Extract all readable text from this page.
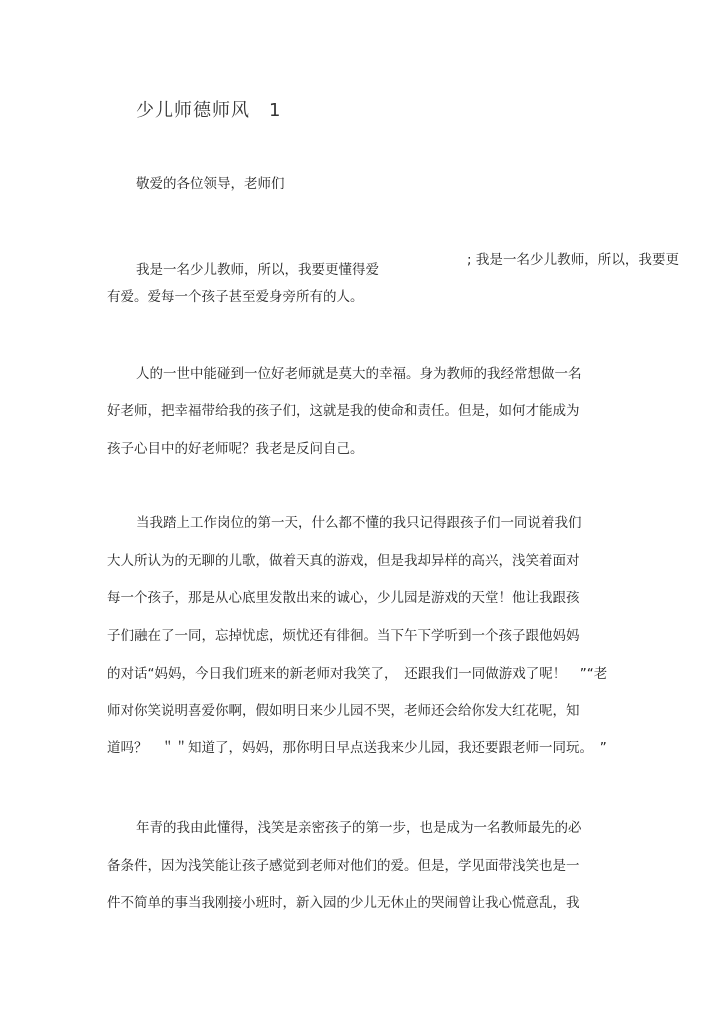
少儿师德师风　1
敬爱的各位领导，老师们
我是一名少儿教师，所以，我要更懂得爱
; 我是一名少儿教师，所以，我要更
有爱。爱每一个孩子甚至爱身旁所有的人。
人的一世中能碰到一位好老师就是莫大的幸福。身为教师的我经常想做一名
好老师，把幸福带给我的孩子们，这就是我的使命和责任。但是，如何才能成为
孩子心目中的好老师呢？我老是反问自己。
当我踏上工作岗位的第一天，什么都不懂的我只记得跟孩子们一同说着我们
大人所认为的无聊的儿歌，做着天真的游戏，但是我却异样的高兴，浅笑着面对
每一个孩子，那是从心底里发散出来的诚心，少儿园是游戏的天堂！他让我跟孩
子们融在了一同，忘掉忧虑，烦忧还有徘徊。当下午下学听到一个孩子跟他妈妈
的对话“妈妈，今日我们班来的新老师对我笑了，　还跟我们一同做游戏了呢！　”“老
师对你笑说明喜爱你啊，假如明日来少儿园不哭，老师还会给你发大红花呢，知
道吗？　＂＂知道了，妈妈，那你明日早点送我来少儿园，我还要跟老师一同玩。　”
年青的我由此懂得，浅笑是亲密孩子的第一步，也是成为一名教师最先的必
备条件，因为浅笑能让孩子感觉到老师对他们的爱。但是，学见面带浅笑也是一
件不简单的事当我刚接小班时，新入园的少儿无休止的哭闹曾让我心慌意乱，我
